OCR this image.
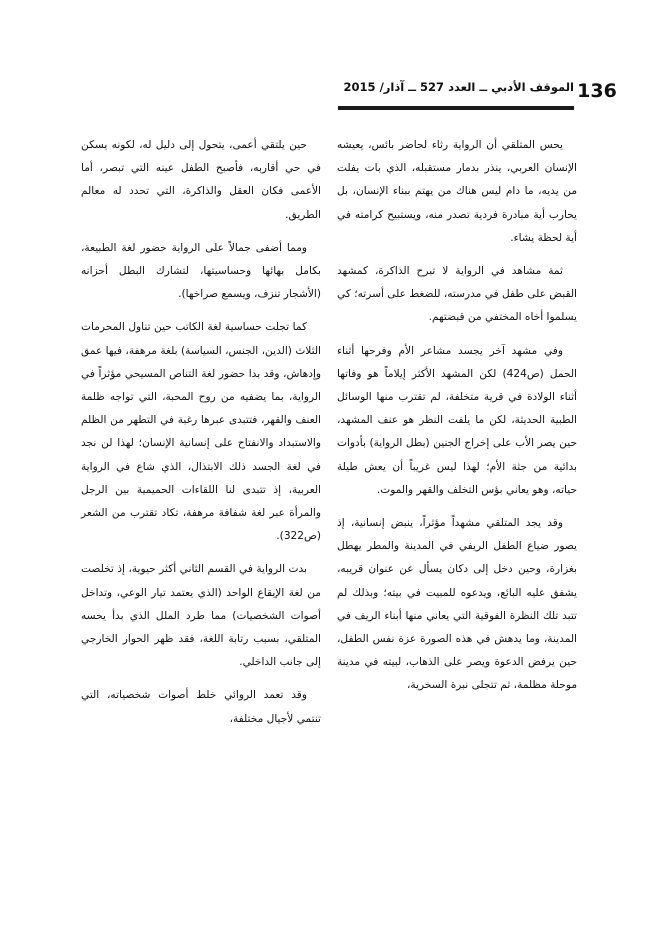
الموقف الأدبي ــ العدد 527 ــ آذار/ 2015 136

يحس المتلقي أن الرواية رثاء لحاضر بائس، يعيشه الإنسان العربي، ينذر بدمار مستقبله، الذي بات يفلت من يديه، ما دام ليس هناك من يهتم ببناء الإنسان، بل يحارب أية مبادرة فردية تصدر منه، ويستبيح كرامته في أية لحظة يشاء.

ثمة مشاهد في الرواية لا تبرح الذاكرة، كمشهد القبض على طفل في مدرسته، للضغط على أسرته؛ كي يسلموا أخاه المختفي من قبضتهم.

وفي مشهد آخر يجسد مشاعر الأم وفرحها أثناء الحمل (ص424) لكن المشهد الأكثر إيلاماً هو وفاتها أثناء الولادة في قرية متخلفة، لم تقترب منها الوسائل الطبية الحديثة، لكن ما يلفت النظر هو عنف المشهد، حين يصر الأب على إخراج الجنين (بطل الرواية) بأدوات بدائية من جثة الأم؛ لهذا ليس غريباً أن يعش طيلة حياته، وهو يعاني بؤس التخلف والقهر والموت.

وقد يجد المتلقي مشهداً مؤثراً، ينبض إنسانية، إذ يصور ضياع الطفل الريفي في المدينة والمطر يهطل بغزارة، وحين دخل إلى دكان يسأل عن عنوان قريبه، يشفق عليه البائع، ويدعوه للمبيت في بيته؛ وبذلك لم تتبد تلك النظرة الفوقية التي يعاني منها أبناء الريف في المدينة، وما يدهش في هذه الصورة عزة نفس الطفل، حين يرفض الدعوة ويصر على الذهاب، لبيته في مدينة موحلة مظلمة، ثم تتجلى نبرة السخرية،

حين يلتقي أعمى، يتحول إلى دليل له، لكونه يسكن في حي أقاربه، فأصبح الطفل عينه التي تبصر، أما الأعمى فكان العقل والذاكرة، التي تحدد له معالم الطريق.

ومما أضفى جمالاً على الرواية حضور لغة الطبيعة، بكامل بهائها وحساسيتها، لتشارك البطل أحزانه (الأشجار تنزف، ويسمع صراخها).

كما تجلت حساسية لغة الكاتب حين تناول المحرمات الثلاث (الدين، الجنس، السياسة) بلغة مرهفة، فيها عمق وإدهاش، وقد بدا حضور لغة التناص المسيحي مؤثراً في الرواية، بما يضفيه من روح المحبة، التي تواجه ظلمة العنف والقهر، فتتبدى عبرها رغبة في التطهر من الظلم والاستبداد والانفتاح على إنسانية الإنسان؛ لهذا لن نجد في لغة الجسد ذلك الابتذال، الذي شاع في الرواية العربية، إذ تتبدى لنا اللقاءات الحميمية بين الرجل والمرأة عبر لغة شفافة مرهفة، تكاد تقترب من الشعر (ص322).

بدت الرواية في القسم الثاني أكثر حيوية، إذ تخلصت من لغة الإيقاع الواحد (الذي يعتمد تيار الوعي، وتداخل أصوات الشخصيات) مما طرد الملل الذي بدأ يحسه المتلقي، بسبب رتابة اللغة، فقد ظهر الحوار الخارجي إلى جانب الداخلي.

وقد تعمد الروائي خلط أصوات شخصياته، التي تنتمي لأجيال مختلفة،
